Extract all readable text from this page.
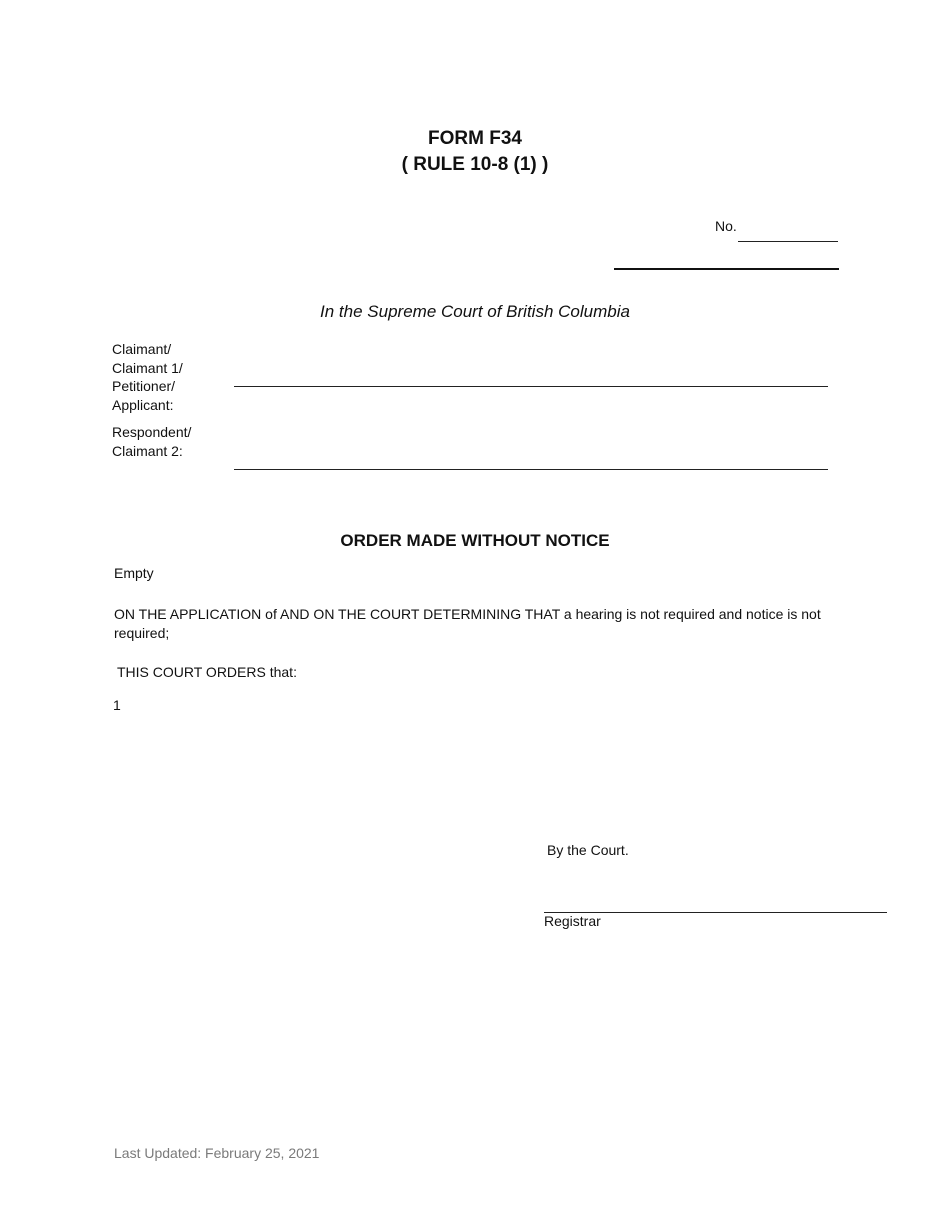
FORM F34
( RULE 10-8 (1) )
No.
In the Supreme Court of British Columbia
Claimant/
Claimant 1/
Petitioner/
Applicant:
Respondent/
Claimant 2:
ORDER MADE WITHOUT NOTICE
Empty
ON THE APPLICATION of AND ON THE COURT DETERMINING THAT a hearing is not required and notice is not
required;
THIS COURT ORDERS that:
1
By the Court.
Registrar
Last Updated: February 25, 2021
